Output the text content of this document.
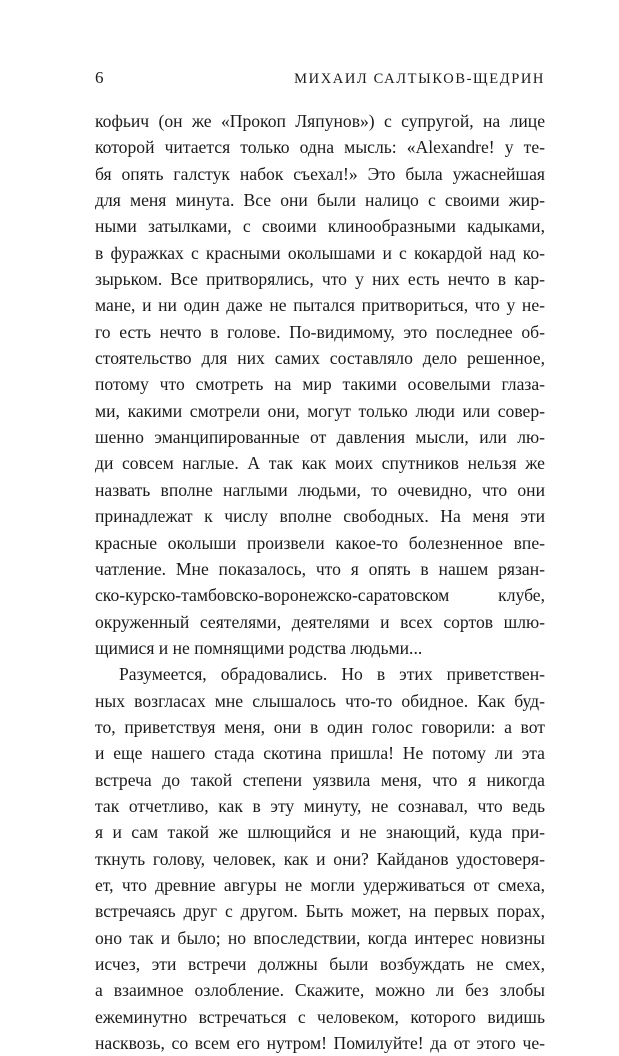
6	МИХАИЛ САЛТЫКОВ-ЩЕДРИН
кофьич (он же «Прокоп Ляпунов») с супругой, на лице
которой читается только одна мысль: «Alexandre! у те-
бя опять галстук набок съехал!» Это была ужаснейшая
для меня минута. Все они были налицо с своими жир-
ными затылками, с своими клинообразными кадыками,
в фуражках с красными околышами и с кокардой над ко-
зырьком. Все притворялись, что у них есть нечто в кар-
мане, и ни один даже не пытался притвориться, что у не-
го есть нечто в голове. По-видимому, это последнее об-
стоятельство для них самих составляло дело решенное,
потому что смотреть на мир такими осовелыми глаза-
ми, какими смотрели они, могут только люди или совер-
шенно эманципированные от давления мысли, или лю-
ди совсем наглые. А так как моих спутников нельзя же
назвать вполне наглыми людьми, то очевидно, что они
принадлежат к числу вполне свободных. На меня эти
красные околыши произвели какое-то болезненное впе-
чатление. Мне показалось, что я опять в нашем рязан-
ско-курско-тамбовско-воронежско-саратовском клубе,
окруженный сеятелями, деятелями и всех сортов шлю-
щимися и не помнящими родства людьми...
Разумеется, обрадовались. Но в этих приветствен-
ных возгласах мне слышалось что-то обидное. Как буд-
то, приветствуя меня, они в один голос говорили: а вот
и еще нашего стада скотина пришла! Не потому ли эта
встреча до такой степени уязвила меня, что я никогда
так отчетливо, как в эту минуту, не сознавал, что ведь
я и сам такой же шлющийся и не знающий, куда при-
ткнуть голову, человек, как и они? Кайданов удостоверя-
ет, что древние авгуры не могли удерживаться от смеха,
встречаясь друг с другом. Быть может, на первых порах,
оно так и было; но впоследствии, когда интерес новизны
исчез, эти встречи должны были возбуждать не смех,
а взаимное озлобление. Скажите, можно ли без злобы
ежеминутно встречаться с человеком, которого видишь
насквозь, со всем его нутром! Помилуйте! да от этого че-
